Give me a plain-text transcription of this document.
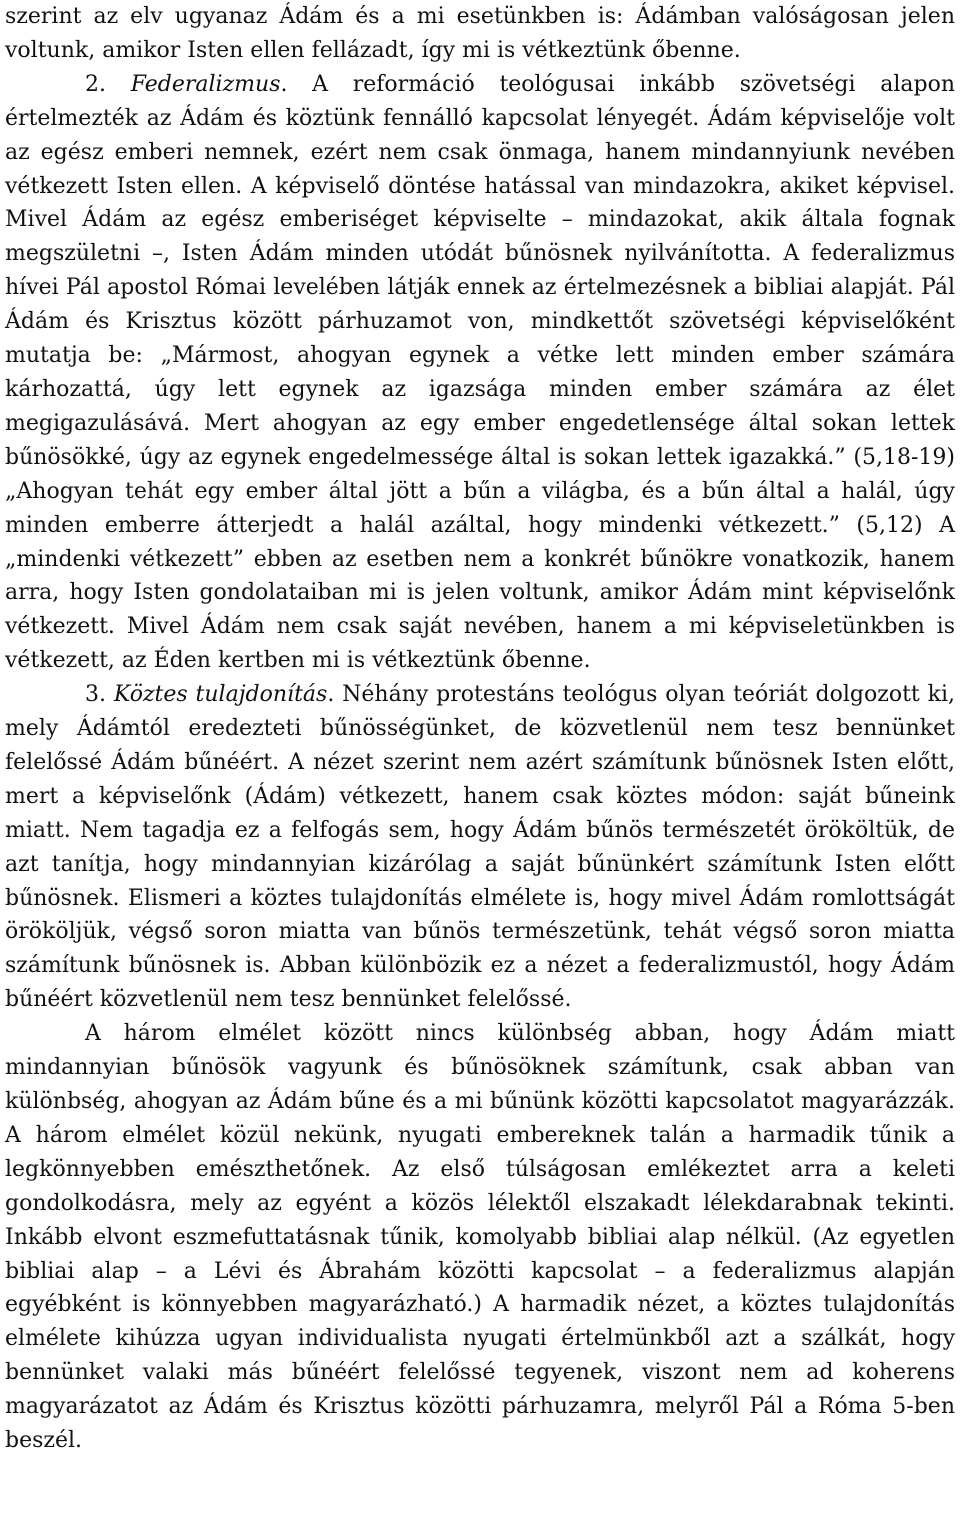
szerint az elv ugyanaz Ádám és a mi esetünkben is: Ádámban valóságosan jelen voltunk, amikor Isten ellen fellázadt, így mi is vétkeztünk őbenne.

2. Federalizmus. A reformáció teológusai inkább szövetségi alapon értelmezték az Ádám és köztünk fennálló kapcsolat lényegét. Ádám képviselője volt az egész emberi nemnek, ezért nem csak önmaga, hanem mindannyiunk nevében vétkezett Isten ellen. A képviselő döntése hatással van mindazokra, akiket képvisel. Mivel Ádám az egész emberiséget képviselte – mindazokat, akik általa fognak megszületni –, Isten Ádám minden utódát bűnösnek nyilvánította. A federalizmus hívei Pál apostol Római levelében látják ennek az értelmezésnek a bibliai alapját. Pál Ádám és Krisztus között párhuzamot von, mindkettőt szövetségi képviselőként mutatja be: „Mármost, ahogyan egynek a vétke lett minden ember számára kárhozattá, úgy lett egynek az igazsága minden ember számára az élet megigazulásává. Mert ahogyan az egy ember engedetlensége által sokan lettek bűnösökké, úgy az egynek engedelmessége által is sokan lettek igazakká.” (5,18-19) „Ahogyan tehát egy ember által jött a bűn a világba, és a bűn által a halál, úgy minden emberre átterjedt a halál azáltal, hogy mindenki vétkezett.” (5,12) A „mindenki vétkezett” ebben az esetben nem a konkrét bűnökre vonatkozik, hanem arra, hogy Isten gondolataiban mi is jelen voltunk, amikor Ádám mint képviselőnk vétkezett. Mivel Ádám nem csak saját nevében, hanem a mi képviseletünkben is vétkezett, az Éden kertben mi is vétkeztünk őbenne.

3. Köztes tulajdonítás. Néhány protestáns teológus olyan teóriát dolgozott ki, mely Ádámtól eredezteti bűnösségünket, de közvetlenül nem tesz bennünket felelőssé Ádám bűnéért. A nézet szerint nem azért számítunk bűnösnek Isten előtt, mert a képviselőnk (Ádám) vétkezett, hanem csak köztes módon: saját bűneink miatt. Nem tagadja ez a felfogás sem, hogy Ádám bűnös természetét örököltük, de azt tanítja, hogy mindannyian kizárólag a saját bűnünkért számítunk Isten előtt bűnösnek. Elismeri a köztes tulajdonítás elmélete is, hogy mivel Ádám romlottságát örököljük, végső soron miatta van bűnös természetünk, tehát végső soron miatta számítunk bűnösnek is. Abban különbözik ez a nézet a federalizmustól, hogy Ádám bűnéért közvetlenül nem tesz bennünket felelőssé.

A három elmélet között nincs különbség abban, hogy Ádám miatt mindannyian bűnösök vagyunk és bűnösöknek számítunk, csak abban van különbség, ahogyan az Ádám bűne és a mi bűnünk közötti kapcsolatot magyarázzák. A három elmélet közül nekünk, nyugati embereknek talán a harmadik tűnik a legkönnyebben emészthetőnek. Az első túlságosan emlékeztet arra a keleti gondolkodásra, mely az egyént a közös lélektől elszakadt lélekdarabnak tekinti. Inkább elvont eszmefuttatásnak tűnik, komolyabb bibliai alap nélkül. (Az egyetlen bibliai alap – a Lévi és Ábrahám közötti kapcsolat – a federalizmus alapján egyébként is könnyebben magyarázható.) A harmadik nézet, a köztes tulajdonítás elmélete kihúzza ugyan individualista nyugati értelmünkből azt a szálkát, hogy bennünket valaki más bűnéért felelőssé tegyenek, viszont nem ad koherens magyarázatot az Ádám és Krisztus közötti párhuzamra, melyről Pál a Róma 5-ben beszél.
